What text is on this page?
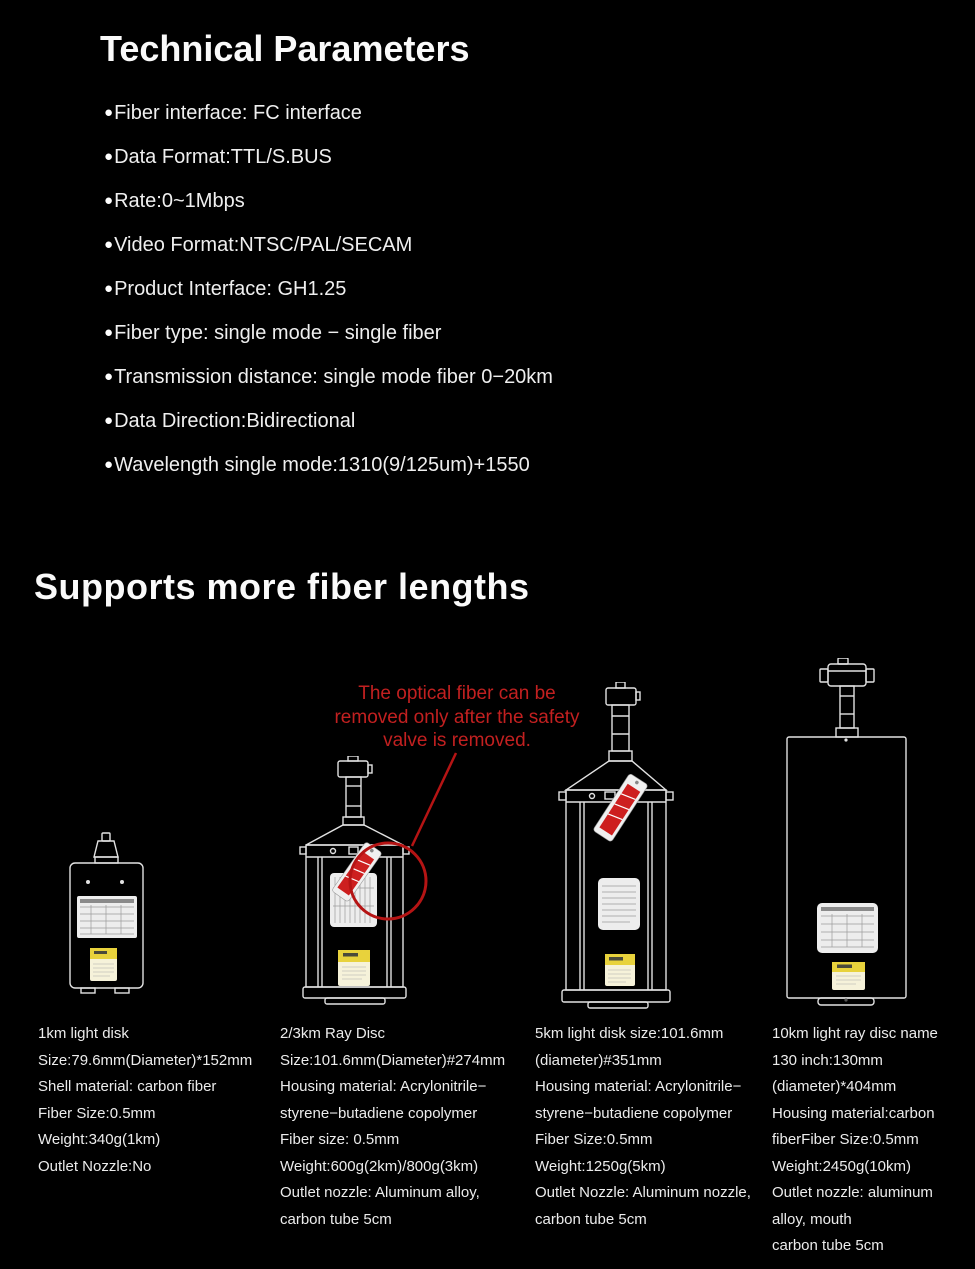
Technical Parameters
●Fiber interface: FC interface
●Data Format:TTL/S.BUS
●Rate:0~1Mbps
●Video Format:NTSC/PAL/SECAM
●Product Interface: GH1.25
●Fiber type: single mode − single fiber
●Transmission distance: single mode fiber 0−20km
●Data Direction:Bidirectional
●Wavelength single mode:1310(9/125um)+1550
Supports more fiber lengths
The optical fiber can be
removed only after the safety
valve is removed.
1km light disk
Size:79.6mm(Diameter)*152mm
Shell material: carbon fiber
Fiber Size:0.5mm
Weight:340g(1km)
Outlet Nozzle:No
2/3km Ray Disc
Size:101.6mm(Diameter)#274mm
Housing material: Acrylonitrile−
styrene−butadiene copolymer
Fiber size: 0.5mm
Weight:600g(2km)/800g(3km)
Outlet nozzle: Aluminum alloy,
carbon tube 5cm
5km light disk size:101.6mm
(diameter)#351mm
Housing material: Acrylonitrile−
styrene−butadiene copolymer
Fiber Size:0.5mm
Weight:1250g(5km)
Outlet Nozzle: Aluminum nozzle,
carbon tube 5cm
10km light ray disc name
130 inch:130mm
(diameter)*404mm
Housing material:carbon
fiberFiber Size:0.5mm
Weight:2450g(10km)
Outlet nozzle: aluminum
alloy, mouth
carbon tube 5cm
